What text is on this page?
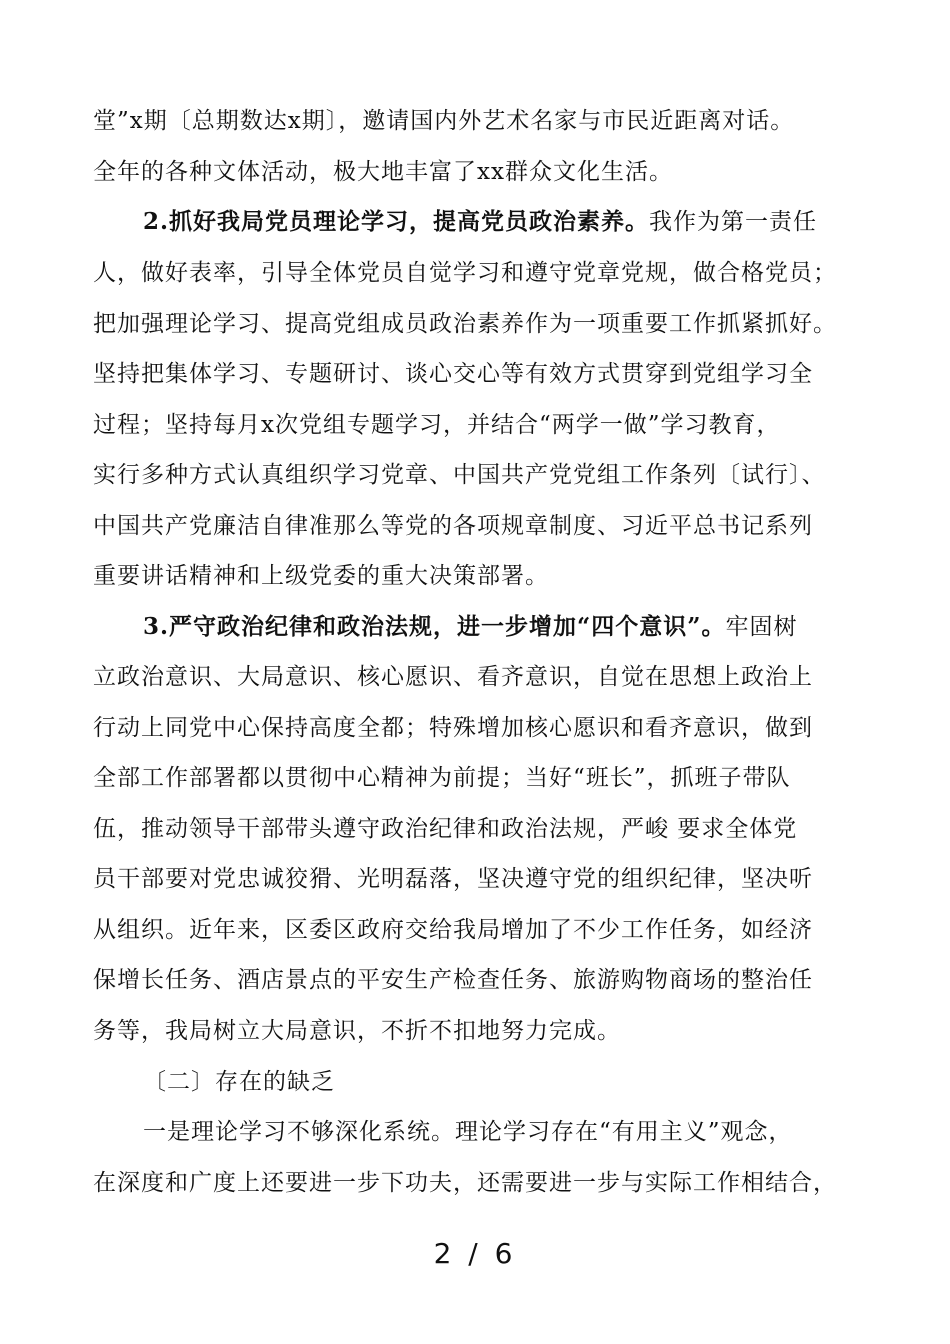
堂”x期〔总期数达x期〕，邀请国内外艺术名家与市民近距离对话。
全年的各种文体活动，极大地丰富了xx群众文化生活。
2.抓好我局党员理论学习，提高党员政治素养。我作为第一责任
人，做好表率，引导全体党员自觉学习和遵守党章党规，做合格党员；
把加强理论学习、提高党组成员政治素养作为一项重要工作抓紧抓好。
坚持把集体学习、专题研讨、谈心交心等有效方式贯穿到党组学习全
过程；坚持每月x次党组专题学习，并结合“两学一做”学习教育，
实行多种方式认真组织学习党章、中国共产党党组工作条列〔试行〕、
中国共产党廉洁自律准那么等党的各项规章制度、习近平总书记系列
重要讲话精神和上级党委的重大决策部署。
3.严守政治纪律和政治法规，进一步增加“四个意识”。牢固树
立政治意识、大局意识、核心愿识、看齐意识，自觉在思想上政治上
行动上同党中心保持高度全都；特殊增加核心愿识和看齐意识，做到
全部工作部署都以贯彻中心精神为前提；当好“班长”，抓班子带队
伍，推动领导干部带头遵守政治纪律和政治法规，严峻 要求全体党
员干部要对党忠诚狡猾、光明磊落，坚决遵守党的组织纪律，坚决听
从组织。近年来，区委区政府交给我局增加了不少工作任务，如经济
保增长任务、酒店景点的平安生产检查任务、旅游购物商场的整治任
务等，我局树立大局意识，不折不扣地努力完成。
〔二〕存在的缺乏
一是理论学习不够深化系统。理论学习存在“有用主义”观念，
在深度和广度上还要进一步下功夫，还需要进一步与实际工作相结合，
2 / 6
